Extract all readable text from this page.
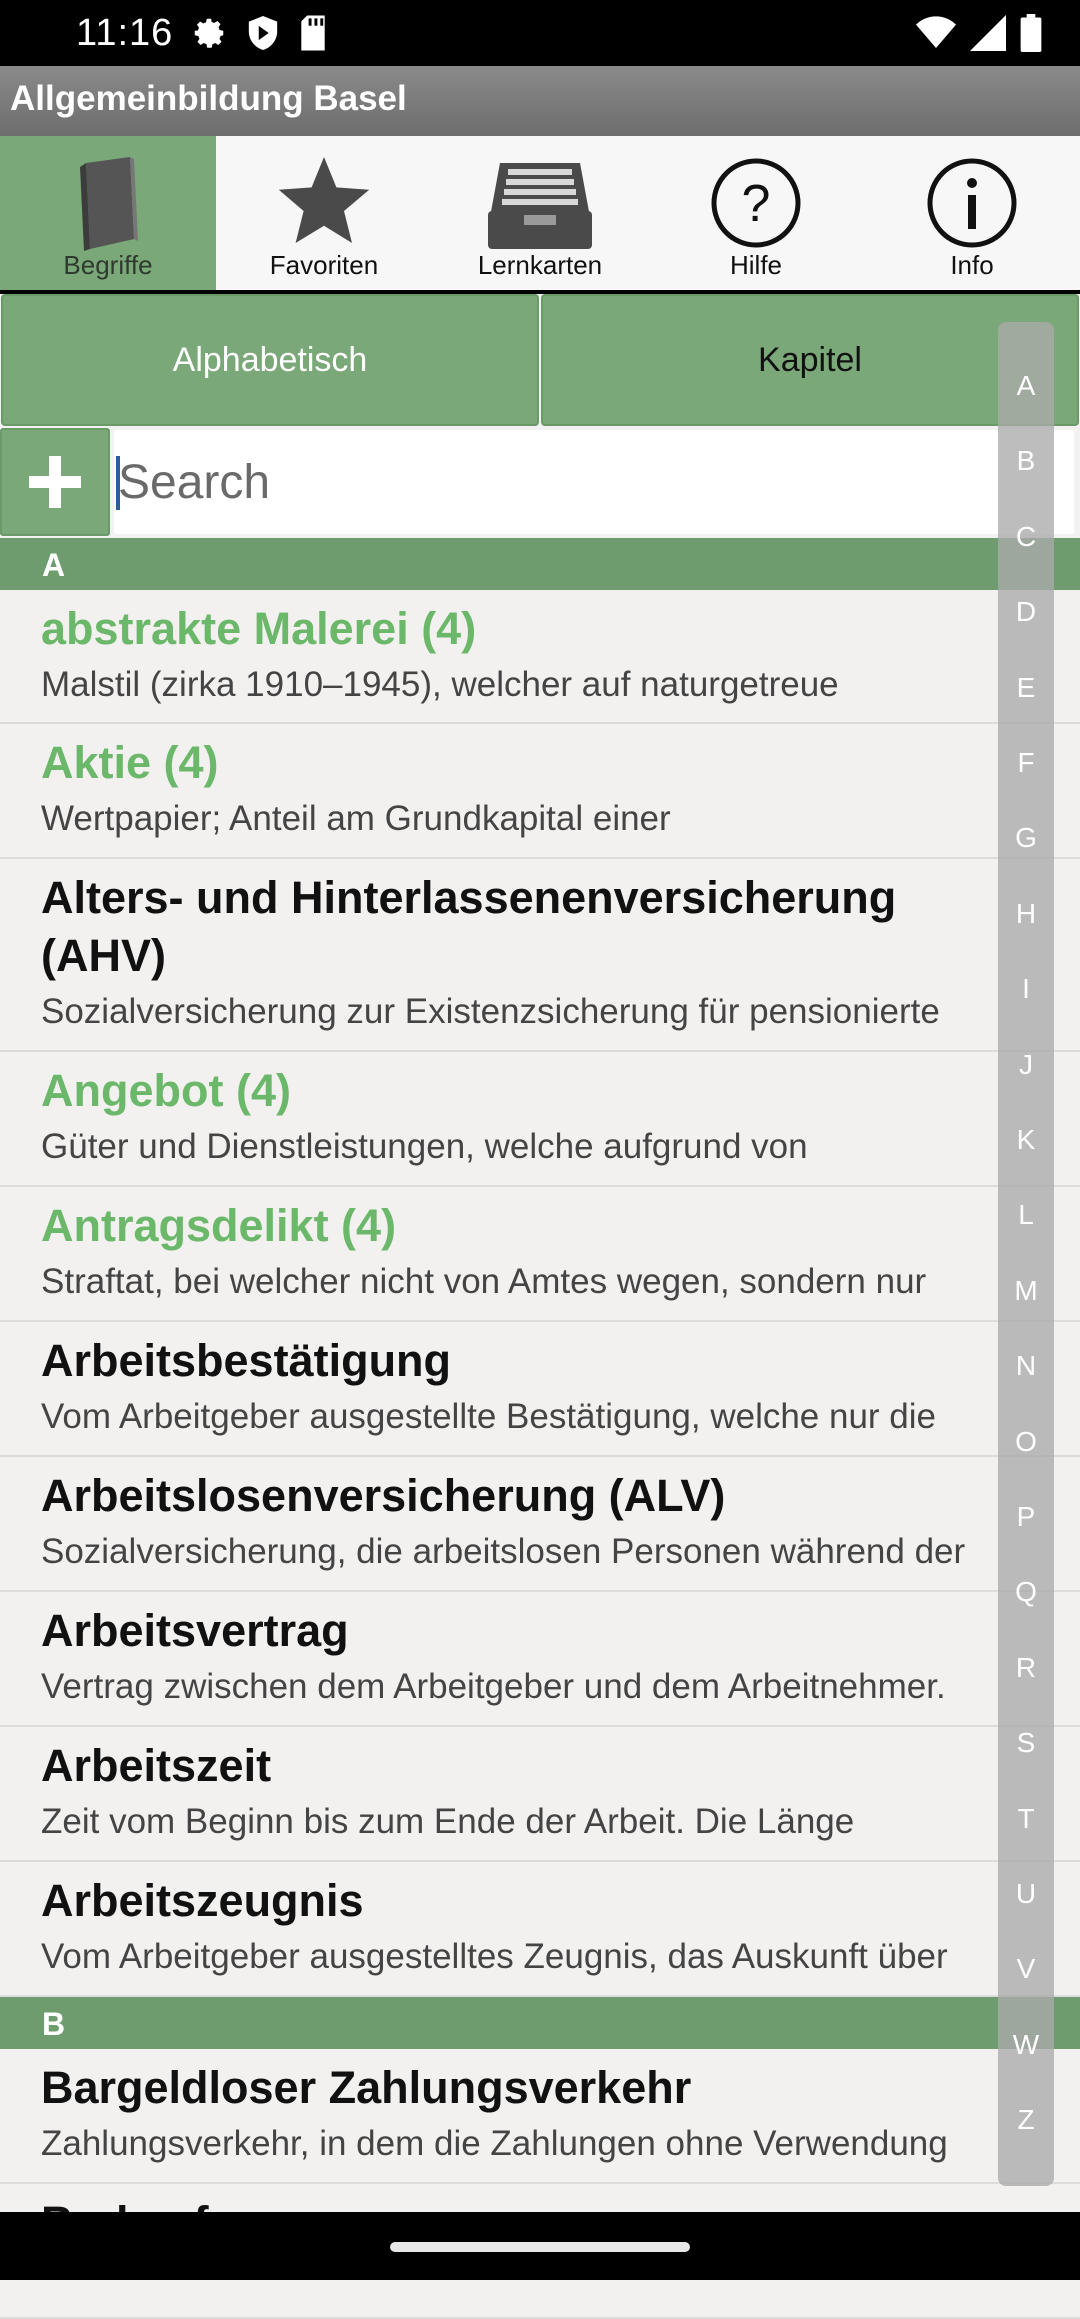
11:16
Allgemeinbildung Basel
Begriffe	Favoriten	Lernkarten
?
Hilfe	Info
Alphabetisch	Kapitel
Search
A
abstrakte Malerei (4)
Malstil (zirka 1910–1945), welcher auf naturgetreue
Aktie (4)
Wertpapier; Anteil am Grundkapital einer
Alters- und Hinterlassenenversicherung (AHV)
Sozialversicherung zur Existenzsicherung für pensionierte
Angebot (4)
Güter und Dienstleistungen, welche aufgrund von
Antragsdelikt (4)
Straftat, bei welcher nicht von Amtes wegen, sondern nur
Arbeitsbestätigung
Vom Arbeitgeber ausgestellte Bestätigung, welche nur die
Arbeitslosenversicherung (ALV)
Sozialversicherung, die arbeitslosen Personen während der
Arbeitsvertrag
Vertrag zwischen dem Arbeitgeber und dem Arbeitnehmer.
Arbeitszeit
Zeit vom Beginn bis zum Ende der Arbeit. Die Länge
Arbeitszeugnis
Vom Arbeitgeber ausgestelltes Zeugnis, das Auskunft über
B
Bargeldloser Zahlungsverkehr
Zahlungsverkehr, in dem die Zahlungen ohne Verwendung
A
B
C
D
E
F
G
H
I
J
K
L
M
N
O
P
Q
R
S
T
U
V
W
Z
